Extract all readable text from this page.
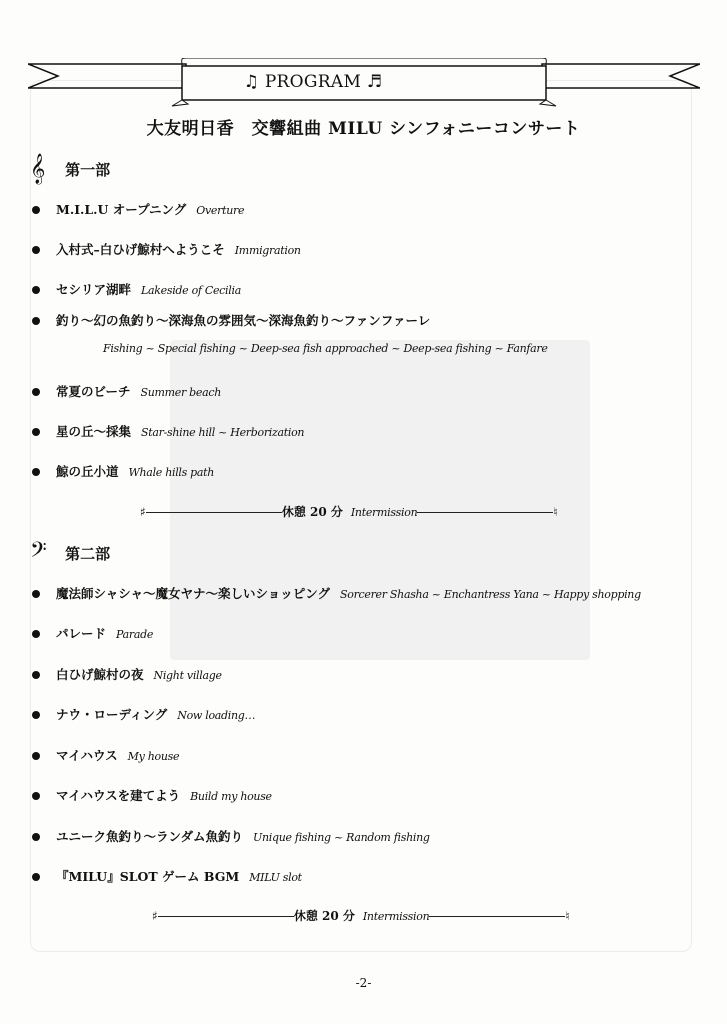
♫ PROGRAM ♬
大友明日香　交響組曲 MILU シンフォニーコンサート
𝄞 第一部
M.I.L.U オープニング Overture
入村式–白ひげ鯨村へようこそ Immigration
セシリア湖畔 Lakeside of Cecilia
釣り～幻の魚釣り～深海魚の雰囲気～深海魚釣り～ファンファーレ
Fishing ~ Special fishing ~ Deep-sea fish approached ~ Deep-sea fishing ~ Fanfare
常夏のビーチ Summer beach
星の丘～採集 Star-shine hill ~ Herborization
鯨の丘小道 Whale hills path
♯	休憩 20 分 Intermission	♮
𝄢 第二部
魔法師シャシャ～魔女ヤナ～楽しいショッピング Sorcerer Shasha ~ Enchantress Yana ~ Happy shopping
パレード Parade
白ひげ鯨村の夜 Night village
ナウ・ローディング Now loading…
マイハウス My house
マイハウスを建てよう Build my house
ユニーク魚釣り～ランダム魚釣り Unique fishing ~ Random fishing
『MILU』SLOT ゲーム BGM MILU slot
♯	休憩 20 分 Intermission	♮
-2-
